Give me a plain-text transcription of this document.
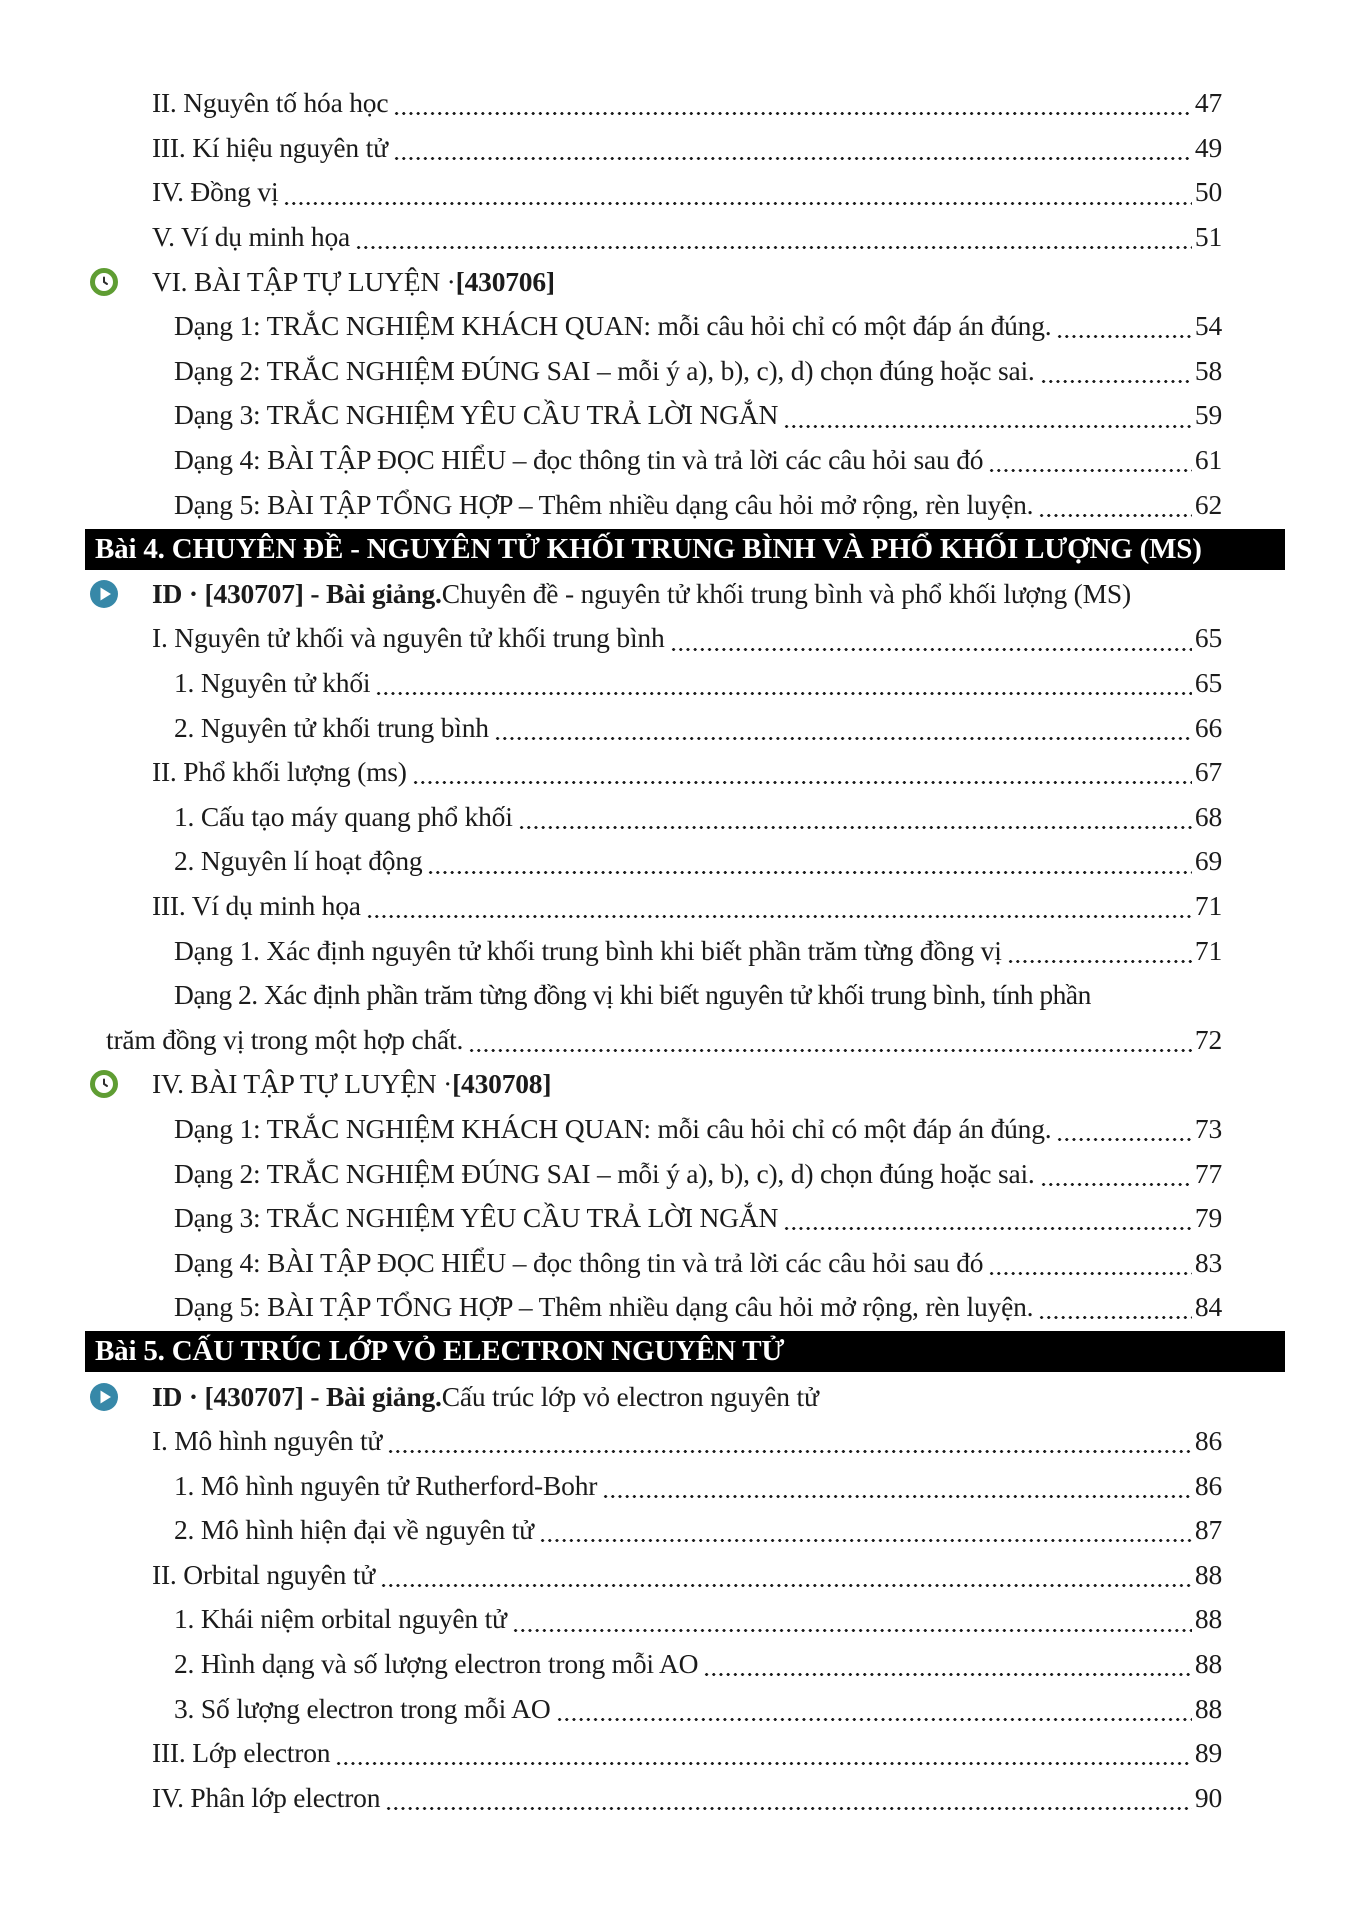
II. Nguyên tố hóa học	47
III. Kí hiệu nguyên tử	49
IV. Đồng vị	50
V. Ví dụ minh họa	51
VI. BÀI TẬP TỰ LUYỆN · [430706]
Dạng 1: TRẮC NGHIỆM KHÁCH QUAN: mỗi câu hỏi chỉ có một đáp án đúng.	54
Dạng 2: TRẮC NGHIỆM ĐÚNG SAI – mỗi ý a), b), c), d) chọn đúng hoặc sai.	58
Dạng 3: TRẮC NGHIỆM YÊU CẦU TRẢ LỜI NGẮN	59
Dạng 4: BÀI TẬP ĐỌC HIỂU – đọc thông tin và trả lời các câu hỏi sau đó	61
Dạng 5: BÀI TẬP TỔNG HỢP – Thêm nhiều dạng câu hỏi mở rộng, rèn luyện.	62
Bài 4. CHUYÊN ĐỀ - NGUYÊN TỬ KHỐI TRUNG BÌNH VÀ PHỔ KHỐI LƯỢNG (MS)
ID · [430707] - Bài giảng. Chuyên đề - nguyên tử khối trung bình và phổ khối lượng (MS)
I. Nguyên tử khối và nguyên tử khối trung bình	65
1. Nguyên tử khối	65
2. Nguyên tử khối trung bình	66
II. Phổ khối lượng (ms)	67
1. Cấu tạo máy quang phổ khối	68
2. Nguyên lí hoạt động	69
III. Ví dụ minh họa	71
Dạng 1. Xác định nguyên tử khối trung bình khi biết phần trăm từng đồng vị	71
Dạng 2. Xác định phần trăm từng đồng vị khi biết nguyên tử khối trung bình, tính phần
trăm đồng vị trong một hợp chất.	72
IV. BÀI TẬP TỰ LUYỆN · [430708]
Dạng 1: TRẮC NGHIỆM KHÁCH QUAN: mỗi câu hỏi chỉ có một đáp án đúng.	73
Dạng 2: TRẮC NGHIỆM ĐÚNG SAI – mỗi ý a), b), c), d) chọn đúng hoặc sai.	77
Dạng 3: TRẮC NGHIỆM YÊU CẦU TRẢ LỜI NGẮN	79
Dạng 4: BÀI TẬP ĐỌC HIỂU – đọc thông tin và trả lời các câu hỏi sau đó	83
Dạng 5: BÀI TẬP TỔNG HỢP – Thêm nhiều dạng câu hỏi mở rộng, rèn luyện.	84
Bài 5. CẤU TRÚC LỚP VỎ ELECTRON NGUYÊN TỬ
ID · [430707] - Bài giảng. Cấu trúc lớp vỏ electron nguyên tử
I. Mô hình nguyên tử	86
1. Mô hình nguyên tử Rutherford-Bohr	86
2. Mô hình hiện đại về nguyên tử	87
II. Orbital nguyên tử	88
1. Khái niệm orbital nguyên tử	88
2. Hình dạng và số lượng electron trong mỗi AO	88
3. Số lượng electron trong mỗi AO	88
III. Lớp electron	89
IV. Phân lớp electron	90
